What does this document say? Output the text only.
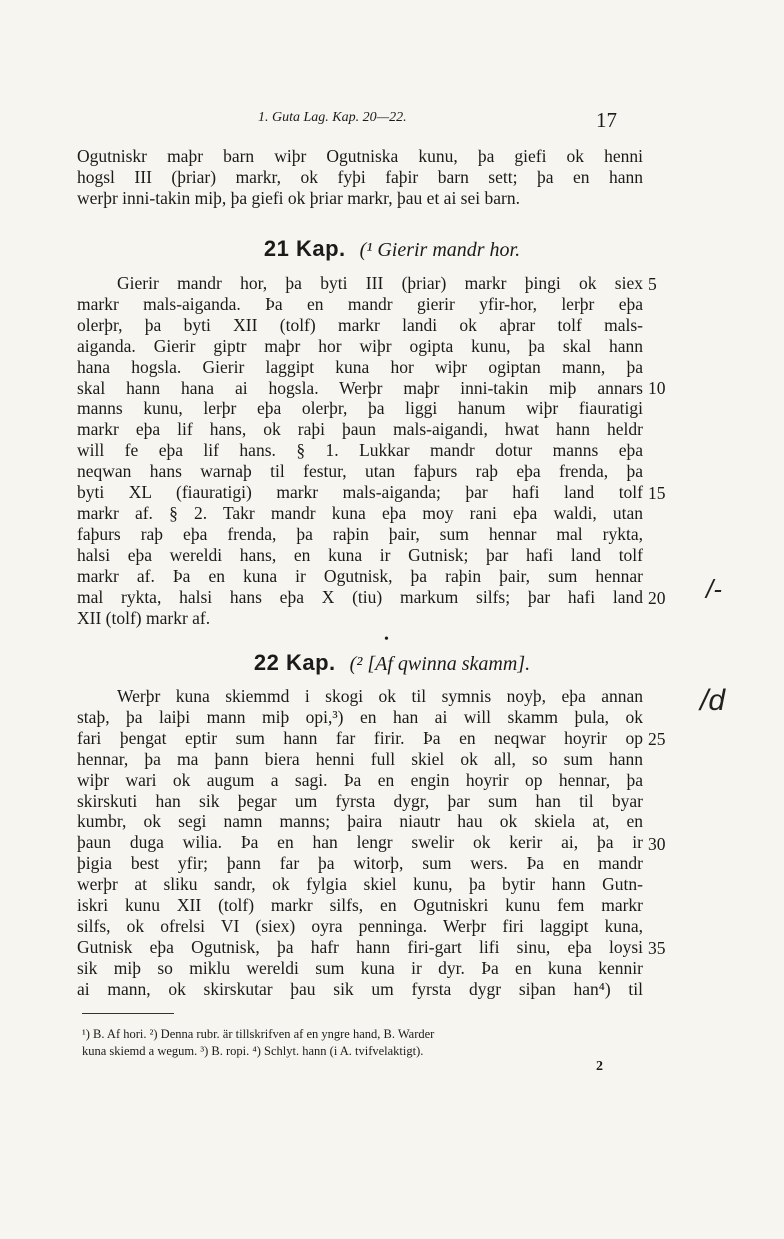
1. Guta Lag. Kap. 20—22.	17
Ogutniskr maþr barn wiþr Ogutniska kunu, þa giefi ok henni
hogsl III (þriar) markr, ok fyþi faþir barn sett; þa en hann
werþr inni-takin miþ, þa giefi ok þriar markr, þau et ai sei barn.
21 Kap. (¹ Gierir mandr hor.
Gierir mandr hor, þa byti III (þriar) markr þingi ok siex
markr mals-aiganda. Þa en mandr gierir yfir-hor, lerþr eþa
olerþr, þa byti XII (tolf) markr landi ok aþrar tolf mals-
aiganda. Gierir giptr maþr hor wiþr ogipta kunu, þa skal hann
hana hogsla. Gierir laggipt kuna hor wiþr ogiptan mann, þa
skal hann hana ai hogsla. Werþr maþr inni-takin miþ annars
manns kunu, lerþr eþa olerþr, þa liggi hanum wiþr fiauratigi
markr eþa lif hans, ok raþi þaun mals-aigandi, hwat hann heldr
will fe eþa lif hans. § 1. Lukkar mandr dotur manns eþa
neqwan hans warnaþ til festur, utan faþurs raþ eþa frenda, þa
byti XL (fiauratigi) markr mals-aiganda; þar hafi land tolf
markr af. § 2. Takr mandr kuna eþa moy rani eþa waldi, utan
faþurs raþ eþa frenda, þa raþin þair, sum hennar mal rykta,
halsi eþa wereldi hans, en kuna ir Gutnisk; þar hafi land tolf
markr af. Þa en kuna ir Ogutnisk, þa raþin þair, sum hennar
mal rykta, halsi hans eþa X (tiu) markum silfs; þar hafi land
XII (tolf) markr af.
5
10
15
20 /-
•
22 Kap. (² [Af qwinna skamm].
Werþr kuna skiemmd i skogi ok til symnis noyþ, eþa annan
staþ, þa laiþi mann miþ opi,³) en han ai will skamm þula, ok
fari þengat eptir sum hann far firir. Þa en neqwar hoyrir op
hennar, þa ma þann biera henni full skiel ok all, so sum hann
wiþr wari ok augum a sagi. Þa en engin hoyrir op hennar, þa
skirskuti han sik þegar um fyrsta dygr, þar sum han til byar
kumbr, ok segi namn manns; þaira niautr hau ok skiela at, en
þaun duga wilia. Þa en han lengr swelir ok kerir ai, þa ir
þigia best yfir; þann far þa witorþ, sum wers. Þa en mandr
werþr at sliku sandr, ok fylgia skiel kunu, þa bytir hann Gutn-
iskri kunu XII (tolf) markr silfs, en Ogutniskri kunu fem markr
silfs, ok ofrelsi VI (siex) oyra penninga. Werþr firi laggipt kuna,
Gutnisk eþa Ogutnisk, þa hafr hann firi-gart lifi sinu, eþa loysi
sik miþ so miklu wereldi sum kuna ir dyr. Þa en kuna kennir
ai mann, ok skirskutar þau sik um fyrsta dygr siþan han⁴) til
25
30
35
/d
¹) B. Af hori. ²) Denna rubr. är tillskrifven af en yngre hand, B. Warder
kuna skiemd a wegum. ³) B. ropi. ⁴) Schlyt. hann (i A. tvifvelaktigt).
2
